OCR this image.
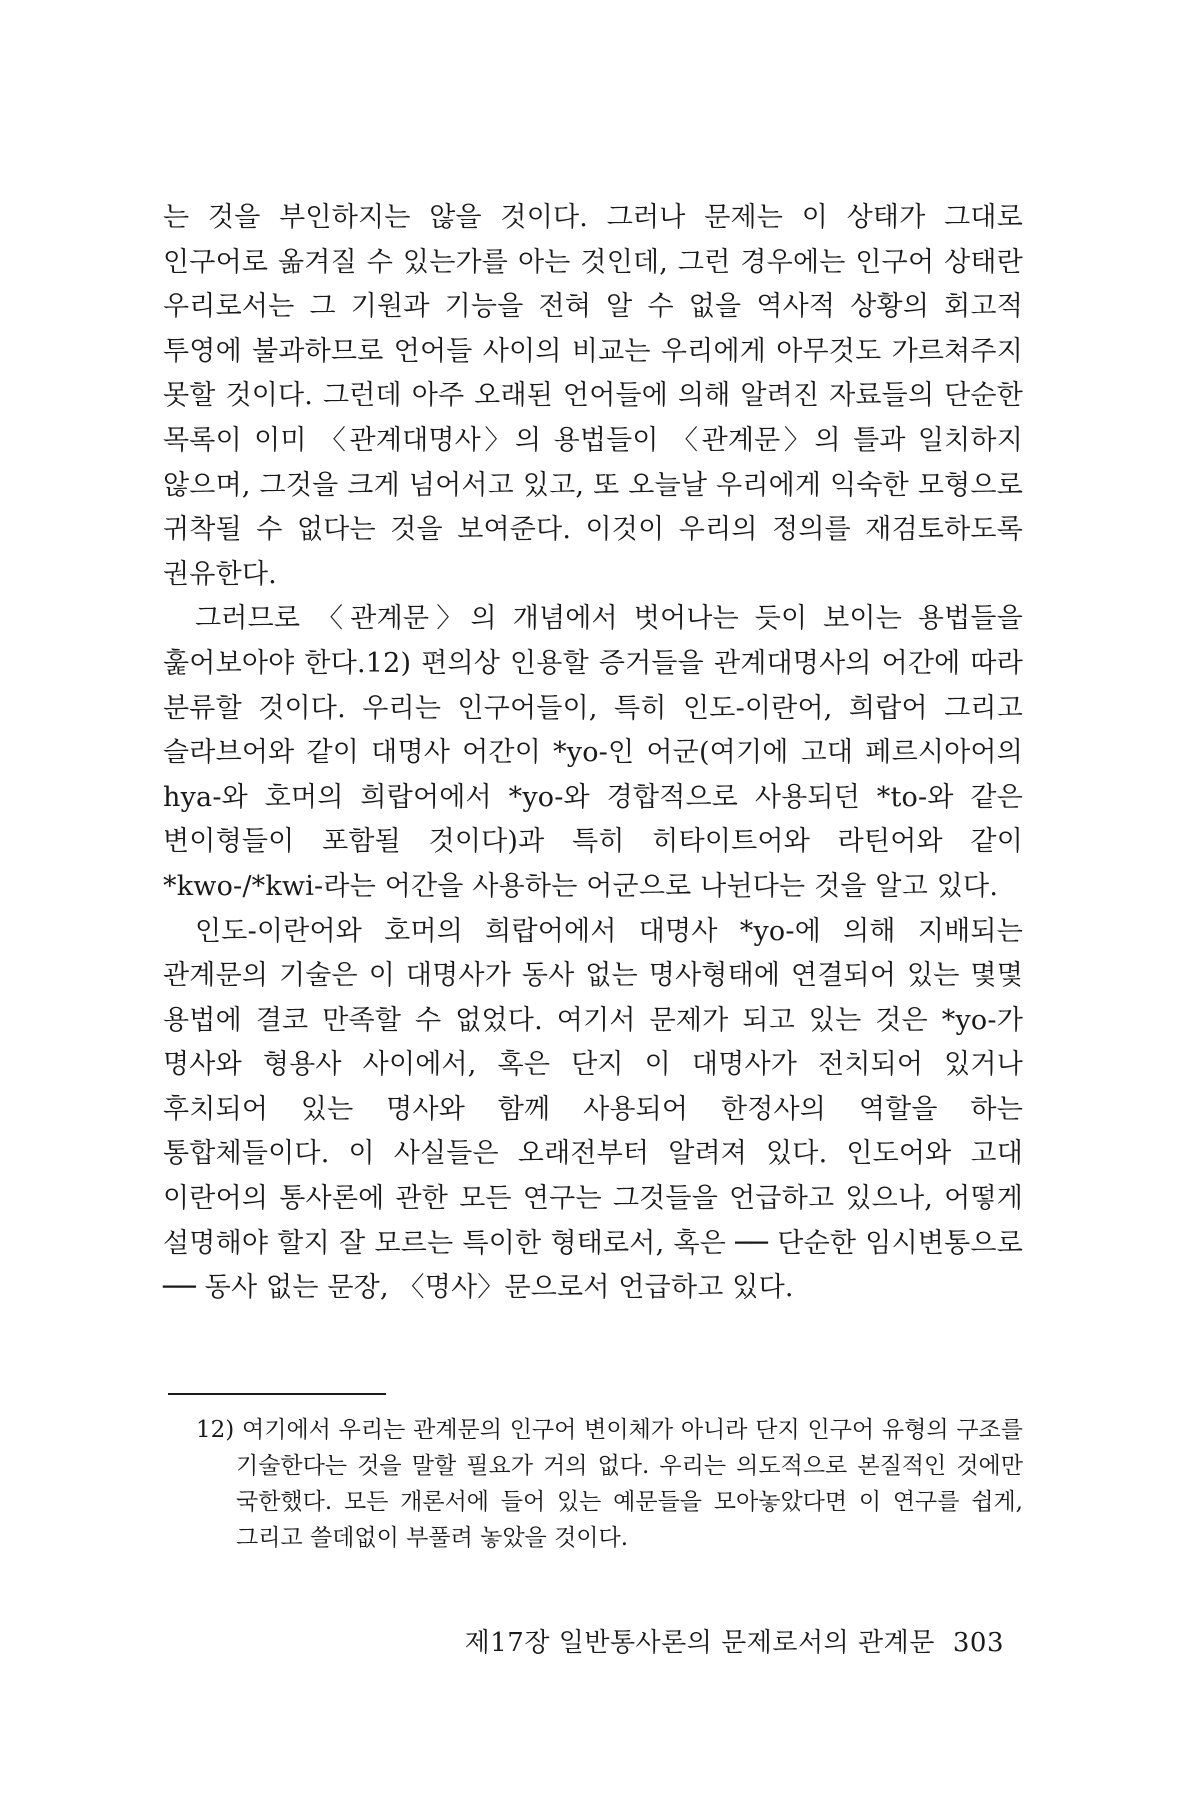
는 것을 부인하지는 않을 것이다. 그러나 문제는 이 상태가 그대로 인구어로 옮겨질 수 있는가를 아는 것인데, 그런 경우에는 인구어 상태란 우리로서는 그 기원과 기능을 전혀 알 수 없을 역사적 상황의 회고적 투영에 불과하므로 언어들 사이의 비교는 우리에게 아무것도 가르쳐주지 못할 것이다. 그런데 아주 오래된 언어들에 의해 알려진 자료들의 단순한 목록이 이미 〈관계대명사〉의 용법들이 〈관계문〉의 틀과 일치하지 않으며, 그것을 크게 넘어서고 있고, 또 오늘날 우리에게 익숙한 모형으로 귀착될 수 없다는 것을 보여준다. 이것이 우리의 정의를 재검토하도록 권유한다.

그러므로 〈관계문〉의 개념에서 벗어나는 듯이 보이는 용법들을 훑어보아야 한다.12) 편의상 인용할 증거들을 관계대명사의 어간에 따라 분류할 것이다. 우리는 인구어들이, 특히 인도-이란어, 희랍어 그리고 슬라브어와 같이 대명사 어간이 *yo-인 어군(여기에 고대 페르시아어의 hya-와 호머의 희랍어에서 *yo-와 경합적으로 사용되던 *to-와 같은 변이형들이 포함될 것이다)과 특히 히타이트어와 라틴어와 같이 *kwo-/*kwi-라는 어간을 사용하는 어군으로 나뉜다는 것을 알고 있다.

인도-이란어와 호머의 희랍어에서 대명사 *yo-에 의해 지배되는 관계문의 기술은 이 대명사가 동사 없는 명사형태에 연결되어 있는 몇몇 용법에 결코 만족할 수 없었다. 여기서 문제가 되고 있는 것은 *yo-가 명사와 형용사 사이에서, 혹은 단지 이 대명사가 전치되어 있거나 후치되어 있는 명사와 함께 사용되어 한정사의 역할을 하는 통합체들이다. 이 사실들은 오래전부터 알려져 있다. 인도어와 고대 이란어의 통사론에 관한 모든 연구는 그것들을 언급하고 있으나, 어떻게 설명해야 할지 잘 모르는 특이한 형태로서, 혹은 ── 단순한 임시변통으로 ── 동사 없는 문장, 〈명사〉문으로서 언급하고 있다.

12) 여기에서 우리는 관계문의 인구어 변이체가 아니라 단지 인구어 유형의 구조를 기술한다는 것을 말할 필요가 거의 없다. 우리는 의도적으로 본질적인 것에만 국한했다. 모든 개론서에 들어 있는 예문들을 모아놓았다면 이 연구를 쉽게, 그리고 쓸데없이 부풀려 놓았을 것이다.
제17장 일반통사론의 문제로서의 관계문 303
